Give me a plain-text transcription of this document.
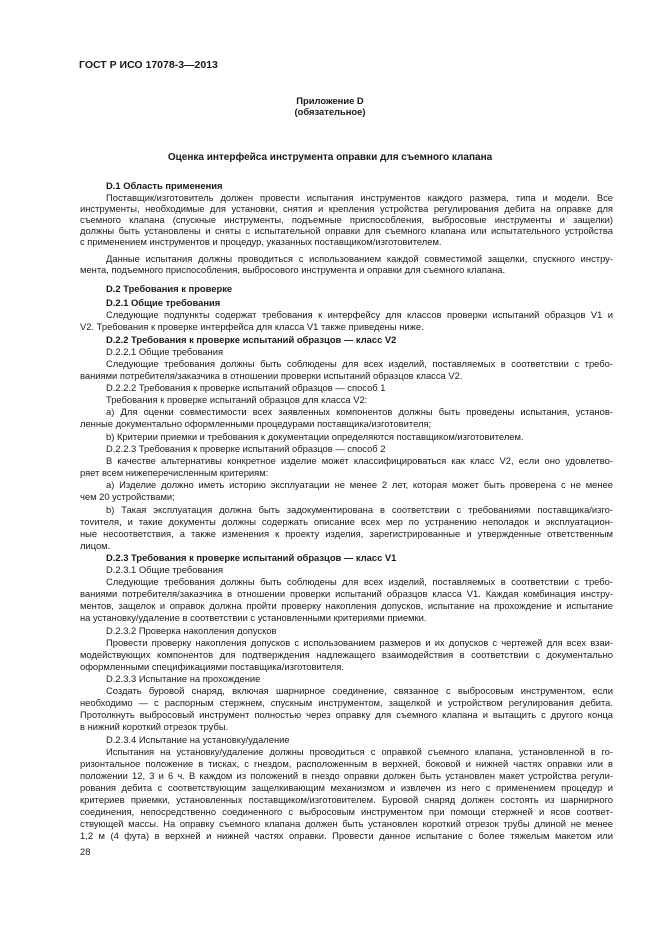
ГОСТ Р ИСО 17078-3—2013
Приложение D
(обязательное)
Оценка интерфейса инструмента оправки для съемного клапана
D.1 Область применения
Поставщик/изготовитель должен провести испытания инструментов каждого размера, типа и модели. Все
инструменты, необходимые для установки, снятия и крепления устройства регулирования дебита на оправке для
съемного клапана (спускные инструменты, подъемные приспособления, выбросовые инструменты и защелки)
должны быть установлены и сняты с испытательной оправки для съемного клапана или испытательного устройства
с применением инструментов и процедур, указанных поставщиком/изготовителем.
Данные испытания должны проводиться с использованием каждой совместимой защелки, спускного инстру-
мента, подъемного приспособления, выбросового инструмента и оправки для съемного клапана.
D.2 Требования к проверке
D.2.1 Общие требования
Следующие подпункты содержат требования к интерфейсу для классов проверки испытаний образцов V1 и
V2. Требования к проверке интерфейса для класса V1 также приведены ниже.
D.2.2 Требования к проверке испытаний образцов — класс V2
D.2.2.1 Общие требования
Следующие требования должны быть соблюдены для всех изделий, поставляемых в соответствии с требо-
ваниями потребителя/заказчика в отношении проверки испытаний образцов класса V2.
D.2.2.2 Требования к проверке испытаний образцов — способ 1
Требования к проверке испытаний образцов для класса V2:
a) Для оценки совместимости всех заявленных компонентов должны быть проведены испытания, установ-
ленные документально оформленными процедурами поставщика/изготовителя;
b) Критерии приемки и требования к документации определяются поставщиком/изготовителем.
D.2.2.3 Требования к проверке испытаний образцов — способ 2
В качестве альтернативы конкретное изделие может классифицироваться как класс V2, если оно удовлетво-
ряет всем нижеперечисленным критериям:
a) Изделие должно иметь историю эксплуатации не менее 2 лет, которая может быть проверена с не менее
чем 20 устройствами;
b) Такая эксплуатация должна быть задокументирована в соответствии с требованиями поставщика/изго-
тovителя, и такие документы должны содержать описание всех мер по устранению неполадок и эксплуатацион-
ные несоответствия, а также изменения к проекту изделия, зарегистрированные и утвержденные ответственным
лицом.
D.2.3 Требования к проверке испытаний образцов — класс V1
D.2.3.1 Общие требования
Следующие требования должны быть соблюдены для всех изделий, поставляемых в соответствии с требо-
ваниями потребителя/заказчика в отношении проверки испытаний образцов класса V1. Каждая комбинация инстру-
ментов, защелок и оправок должна пройти проверку накопления допусков, испытание на прохождение и испытание
на установку/удаление в соответствии с установленными критериями приемки.
D.2.3.2 Проверка накопления допусков
Провести проверку накопления допусков с использованием размеров и их допусков с чертежей для всех взаи-
модействующих компонентов для подтверждения надлежащего взаимодействия в соответствии с документально
оформленными спецификациями поставщика/изготовителя.
D.2.3.3 Испытание на прохождение
Создать буровой снаряд, включая шарнирное соединение, связанное с выбросовым инструментом, если
необходимо — с распорным стержнем, спускным инструментом, защелкой и устройством регулирования дебита.
Протолкнуть выбросовый инструмент полностью через оправку для съемного клапана и вытащить с другого конца
в нижний короткий отрезок трубы.
D.2.3.4 Испытание на установку/удаление
Испытания на установку/удаление должны проводиться с оправкой съемного клапана, установленной в го-
ризонтальное положение в тисках, с гнездом, расположенным в верхней, боковой и нижней частях оправки или в
положении 12, 3 и 6 ч. В каждом из положений в гнездо оправки должен быть установлен макет устройства регули-
рования дебита с соответствующим защелкивающим механизмом и извлечен из него с применением процедур и
критериев приемки, установленных поставщиком/изготовителем. Буровой снаряд должен состоять из шарнирного
соединения, непосредственно соединенного с выбросовым инструментом при помощи стержней и ясов соответ-
ствующей массы. На оправку съемного клапана должен быть установлен короткий отрезок трубы длиной не менее
1,2 м (4 фута) в верхней и нижней частях оправки. Провести данное испытание с более тяжелым макетом или
28
